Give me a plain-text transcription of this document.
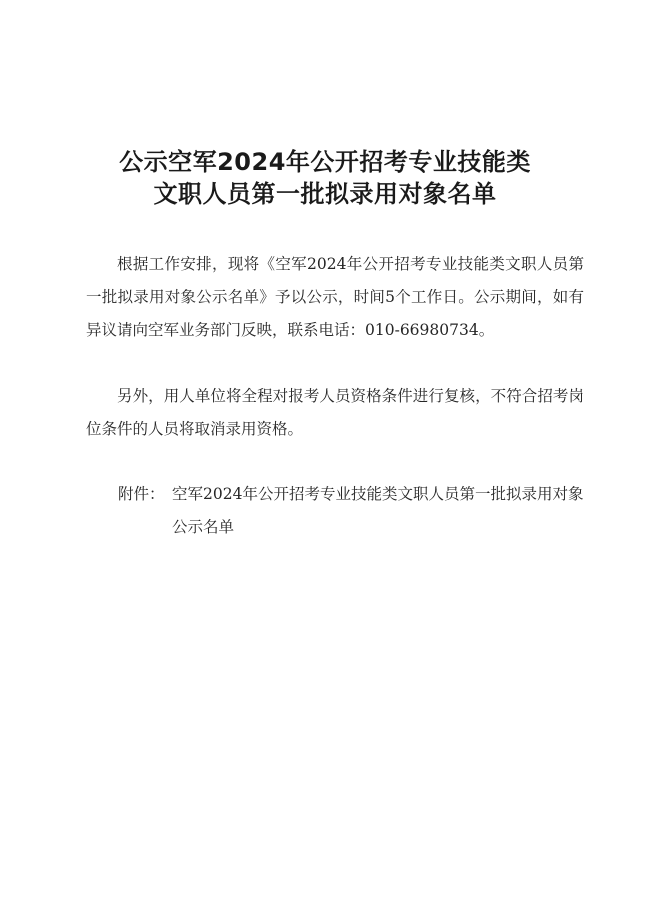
公示空军2024年公开招考专业技能类
文职人员第一批拟录用对象名单

根据工作安排，现将《空军2024年公开招考专业技能类文职人员第一批拟录用对象公示名单》予以公示，时间5个工作日。公示期间，如有异议请向空军业务部门反映，联系电话：010-66980734。

另外，用人单位将全程对报考人员资格条件进行复核，不符合招考岗位条件的人员将取消录用资格。

附件： 空军2024年公开招考专业技能类文职人员第一批拟录用对象公示名单
